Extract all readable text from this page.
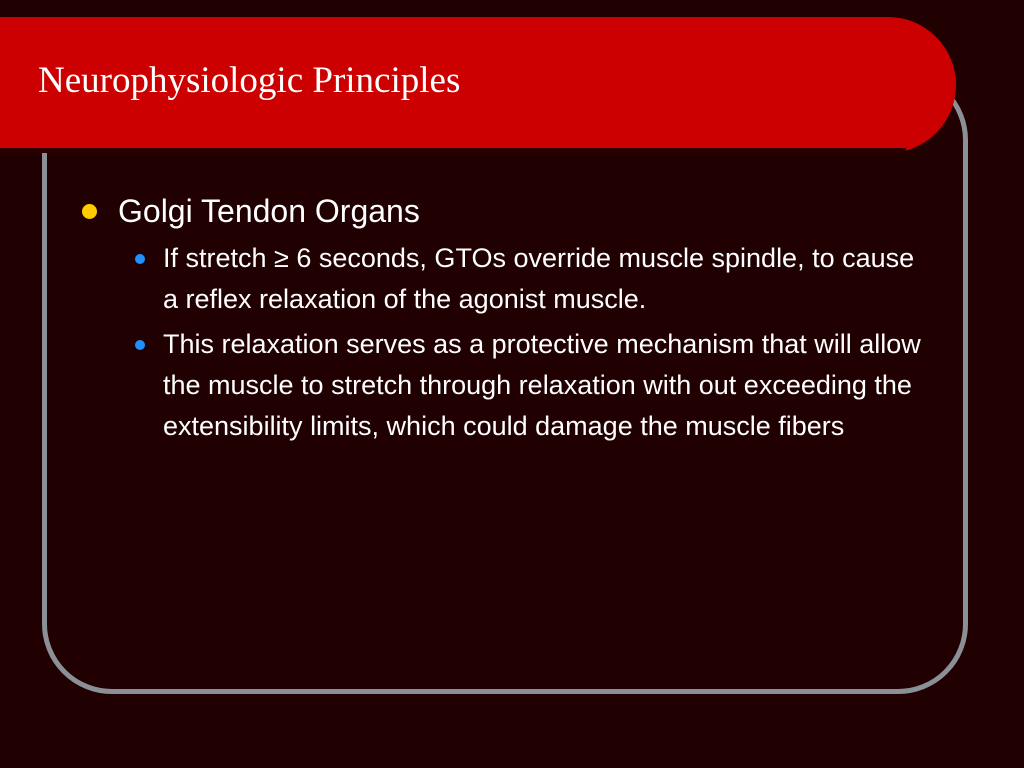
Neurophysiologic Principles
Golgi Tendon Organs
If stretch ≥ 6 seconds, GTOs override muscle spindle, to cause a reflex relaxation of the agonist muscle.
This relaxation serves as a protective mechanism that will allow the muscle to stretch through relaxation with out exceeding the extensibility limits, which could damage the muscle fibers
